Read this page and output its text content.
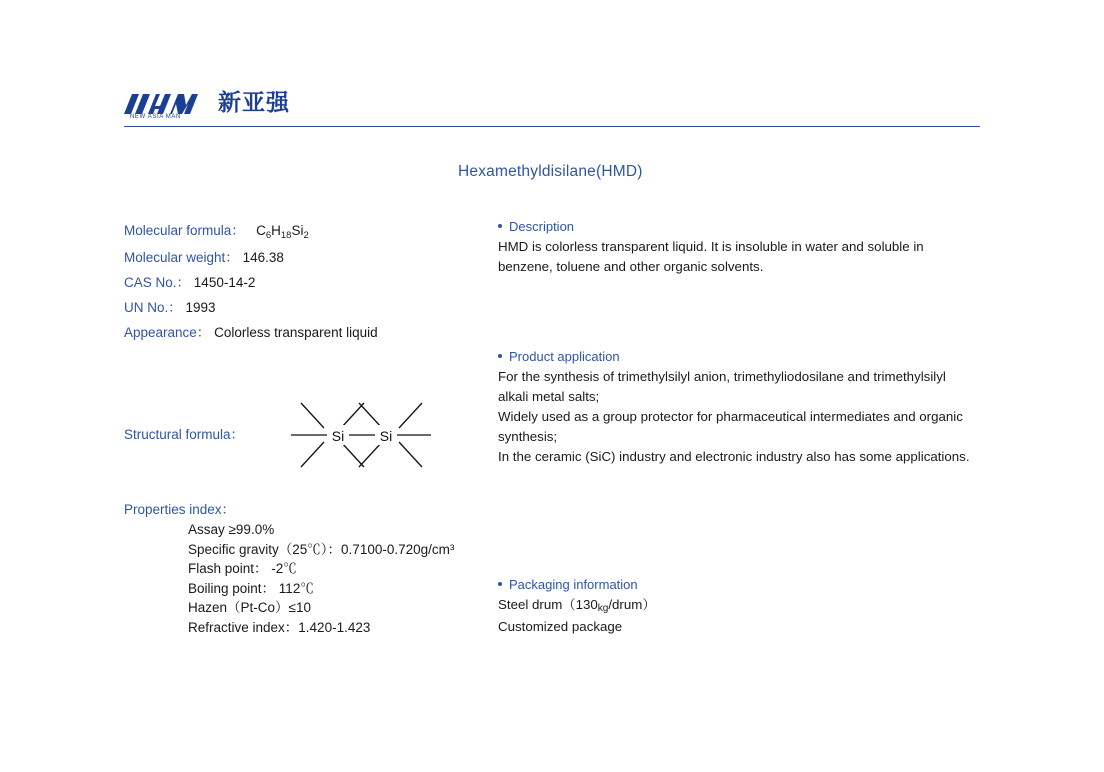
NEW ASIA MAN
新亚强
Hexamethyldisilane(HMD)
Molecular formula：   $C_6H_{18}Si_2$
Molecular weight： 146.38
CAS No.： 1450-14-2
UN No.： 1993
Appearance： Colorless transparent liquid
Structural formula：	Si	Si
Properties index：
Assay ≥99.0%
Specific gravity（25℃）：0.7100-0.720g/cm³
Flash point： -2℃
Boiling point： 112℃
Hazen（Pt-Co）≤10
Refractive index：1.420-1.423
Description

HMD is colorless transparent liquid. It is insoluble in water and soluble in benzene, toluene and other organic solvents.

Product application

For the synthesis of trimethylsilyl anion, trimethyliodosilane and trimethylsilyl alkali metal salts;

Widely used as a group protector for pharmaceutical intermediates and organic synthesis;

In the ceramic (SiC) industry and electronic industry also has some applications.

Packaging information

Steel $drum(130_{kg}/drum)$

Customized package
